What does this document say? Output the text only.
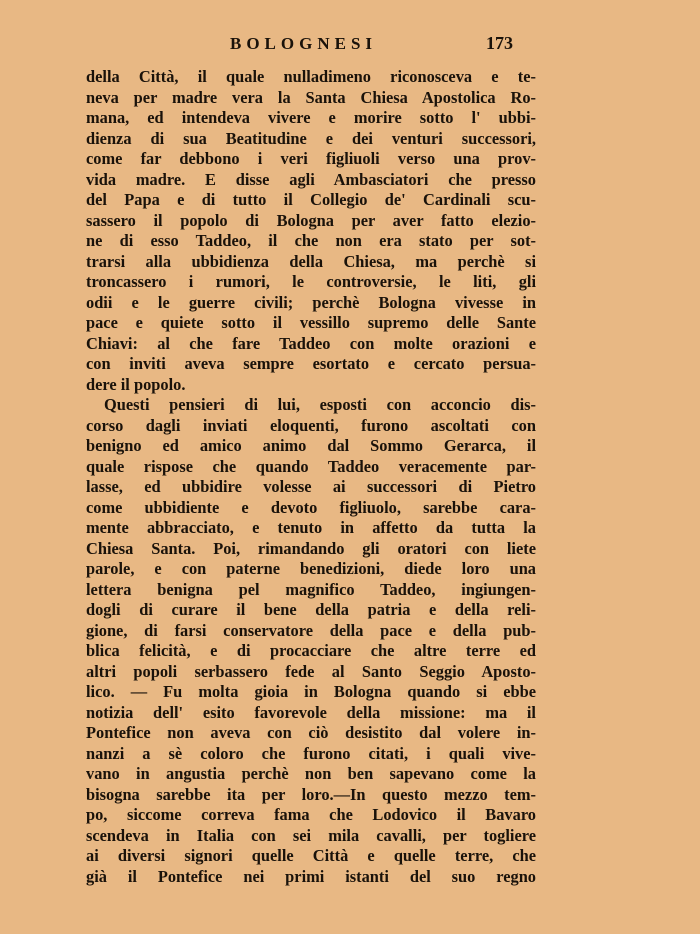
BOLOGNESI	173
della Città, il quale nulladimeno riconosceva e te-
neva per madre vera la Santa Chiesa Apostolica Ro-
mana, ed intendeva vivere e morire sotto l' ubbi-
dienza di sua Beatitudine e dei venturi successori,
come far debbono i veri figliuoli verso una prov-
vida madre. E disse agli Ambasciatori che presso
del Papa e di tutto il Collegio de' Cardinali scu-
sassero il popolo di Bologna per aver fatto elezio-
ne di esso Taddeo, il che non era stato per sot-
trarsi alla ubbidienza della Chiesa, ma perchè si
troncassero i rumori, le controversie, le liti, gli
odii e le guerre civili; perchè Bologna vivesse in
pace e quiete sotto il vessillo supremo delle Sante
Chiavi: al che fare Taddeo con molte orazioni e
con inviti aveva sempre esortato e cercato persua-
dere il popolo.
Questi pensieri di lui, esposti con acconcio dis-
corso dagli inviati eloquenti, furono ascoltati con
benigno ed amico animo dal Sommo Gerarca, il
quale rispose che quando Taddeo veracemente par-
lasse, ed ubbidire volesse ai successori di Pietro
come ubbidiente e devoto figliuolo, sarebbe cara-
mente abbracciato, e tenuto in affetto da tutta la
Chiesa Santa. Poi, rimandando gli oratori con liete
parole, e con paterne benedizioni, diede loro una
lettera benigna pel magnifico Taddeo, ingiungen-
dogli di curare il bene della patria e della reli-
gione, di farsi conservatore della pace e della pub-
blica felicità, e di procacciare che altre terre ed
altri popoli serbassero fede al Santo Seggio Aposto-
lico. — Fu molta gioia in Bologna quando si ebbe
notizia dell' esito favorevole della missione: ma il
Pontefice non aveva con ciò desistito dal volere in-
nanzi a sè coloro che furono citati, i quali vive-
vano in angustia perchè non ben sapevano come la
bisogna sarebbe ita per loro.—In questo mezzo tem-
po, siccome correva fama che Lodovico il Bavaro
scendeva in Italia con sei mila cavalli, per togliere
ai diversi signori quelle Città e quelle terre, che
già il Pontefice nei primi istanti del suo regno
